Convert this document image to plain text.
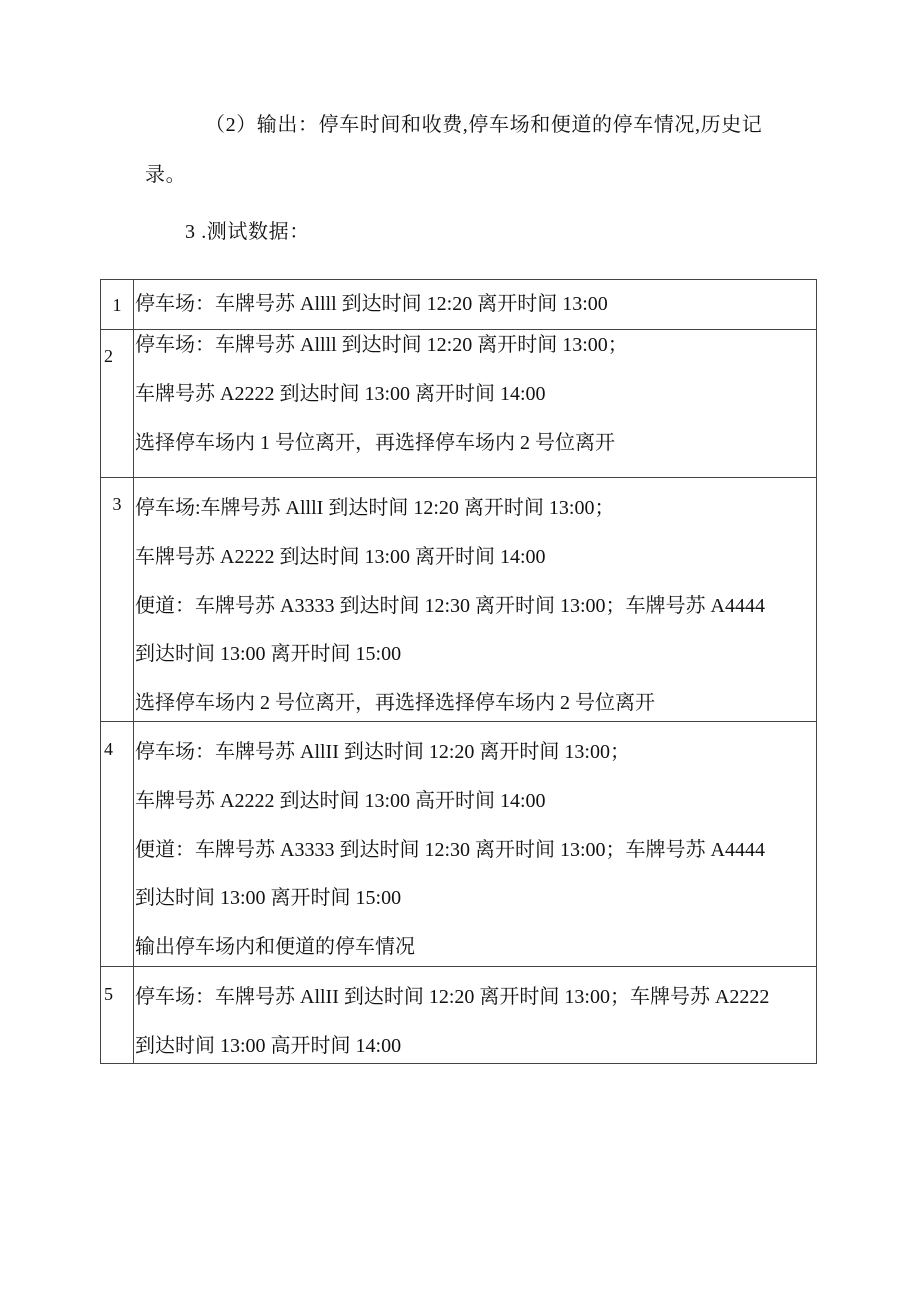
（2）输出：停车时间和收费,停车场和便道的停车情况,历史记
录。
3 .测试数据：
1 停车场：车牌号苏 Allll 到达时间 12:20 离开时间 13:00
2 停车场：车牌号苏 Allll 到达时间 12:20 离开时间 13:00；
车牌号苏 A2222 到达时间 13:00 离开时间 14:00
选择停车场内 1 号位离开，再选择停车场内 2 号位离开
3 停车场:车牌号苏 AlllI 到达时间 12:20 离开时间 13:00；
车牌号苏 A2222 到达时间 13:00 离开时间 14:00
便道：车牌号苏 A3333 到达时间 12:30 离开时间 13:00；车牌号苏 A4444
到达时间 13:00 离开时间 15:00
选择停车场内 2 号位离开，再选择选择停车场内 2 号位离开
4 停车场：车牌号苏 AllII 到达时间 12:20 离开时间 13:00；
车牌号苏 A2222 到达时间 13:00 高开时间 14:00
便道：车牌号苏 A3333 到达时间 12:30 离开时间 13:00；车牌号苏 A4444
到达时间 13:00 离开时间 15:00
输出停车场内和便道的停车情况
5 停车场：车牌号苏 AllII 到达时间 12:20 离开时间 13:00；车牌号苏 A2222
到达时间 13:00 高开时间 14:00
